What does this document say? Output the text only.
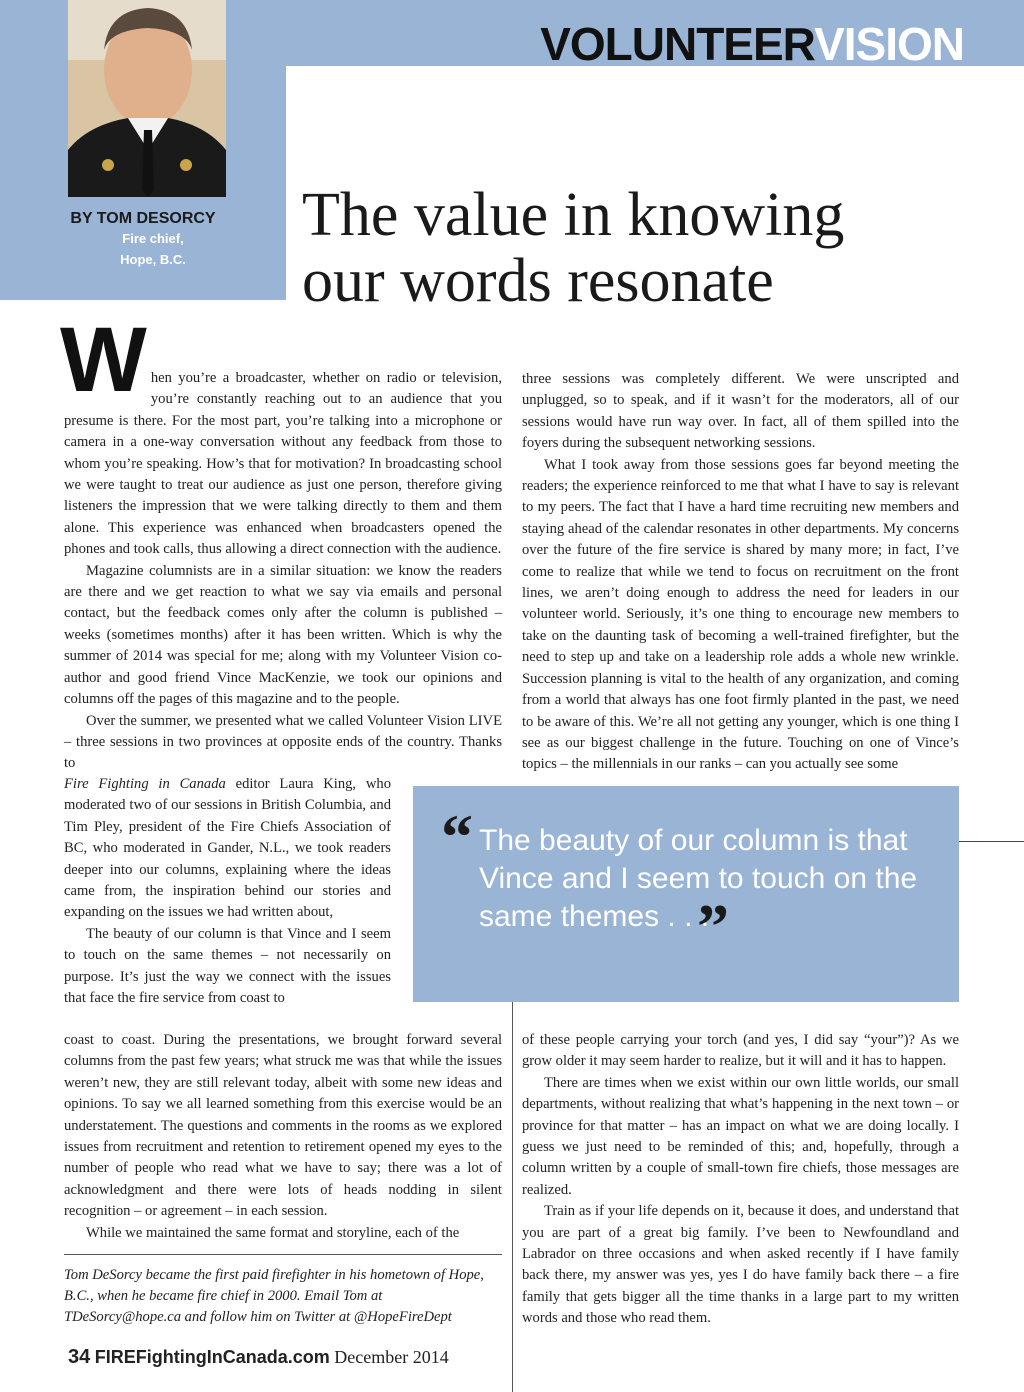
VOLUNTEERVISION
BY TOM DESORCY
Fire chief,
Hope, B.C.
The value in knowing
our words resonate

When you’re a broadcaster, whether on radio or television, you’re constantly reaching out to an audience that you presume is there. For the most part, you’re talking into a microphone or camera in a one-way conversation without any feedback from those to whom you’re speaking. How’s that for motivation? In broadcasting school we were taught to treat our audience as just one person, therefore giving listeners the impression that we were talking directly to them and them alone. This experience was enhanced when broadcasters opened the phones and took calls, thus allowing a direct connection with the audience.

Magazine columnists are in a similar situation: we know the readers are there and we get reaction to what we say via emails and personal contact, but the feedback comes only after the column is published – weeks (sometimes months) after it has been written. Which is why the summer of 2014 was special for me; along with my Volunteer Vision co-author and good friend Vince MacKenzie, we took our opinions and columns off the pages of this magazine and to the people.

Over the summer, we presented what we called Volunteer Vision LIVE – three sessions in two provinces at opposite ends of the country. Thanks to

Fire Fighting in Canada editor Laura King, who moderated two of our sessions in British Columbia, and Tim Pley, president of the Fire Chiefs Association of BC, who moderated in Gander, N.L., we took readers deeper into our columns, explaining where the ideas came from, the inspiration behind our stories and expanding on the issues we had written about,

The beauty of our column is that Vince and I seem to touch on the same themes – not necessarily on purpose. It’s just the way we connect with the issues that face the fire service from coast to

coast to coast. During the presentations, we brought forward several columns from the past few years; what struck me was that while the issues weren’t new, they are still relevant today, albeit with some new ideas and opinions. To say we all learned something from this exercise would be an understatement. The questions and comments in the rooms as we explored issues from recruitment and retention to retirement opened my eyes to the number of people who read what we have to say; there was a lot of acknowledgment and there were lots of heads nodding in silent recognition – or agreement – in each session.

While we maintained the same format and storyline, each of the

three sessions was completely different. We were unscripted and unplugged, so to speak, and if it wasn’t for the moderators, all of our sessions would have run way over. In fact, all of them spilled into the foyers during the subsequent networking sessions.

What I took away from those sessions goes far beyond meeting the readers; the experience reinforced to me that what I have to say is relevant to my peers. The fact that I have a hard time recruiting new members and staying ahead of the calendar resonates in other departments. My concerns over the future of the fire service is shared by many more; in fact, I’ve come to realize that while we tend to focus on recruitment on the front lines, we aren’t doing enough to address the need for leaders in our volunteer world. Seriously, it’s one thing to encourage new members to take on the daunting task of becoming a well-trained firefighter, but the need to step up and take on a leadership role adds a whole new wrinkle. Succession planning is vital to the health of any organization, and coming from a world that always has one foot firmly planted in the past, we need to be aware of this. We’re all not getting any younger, which is one thing I see as our biggest challenge in the future. Touching on one of Vince’s topics – the millennials in our ranks – can you actually see some

“ The beauty of our column is that Vince and I seem to touch on the same themes . . .
”

of these people carrying your torch (and yes, I did say “your”)? As we grow older it may seem harder to realize, but it will and it has to happen.

There are times when we exist within our own little worlds, our small departments, without realizing that what’s happening in the next town – or province for that matter – has an impact on what we are doing locally. I guess we just need to be reminded of this; and, hopefully, through a column written by a couple of small-town fire chiefs, those messages are realized.

Train as if your life depends on it, because it does, and understand that you are part of a great big family. I’ve been to Newfoundland and Labrador on three occasions and when asked recently if I have family back there, my answer was yes, yes I do have family back there – a fire family that gets bigger all the time thanks in a large part to my written words and those who read them.

Tom DeSorcy became the first paid firefighter in his hometown of Hope, B.C., when he became fire chief in 2000. Email Tom at TDeSorcy@hope.ca and follow him on Twitter at @HopeFireDept
34 FIREFightingInCanada.com December 2014
